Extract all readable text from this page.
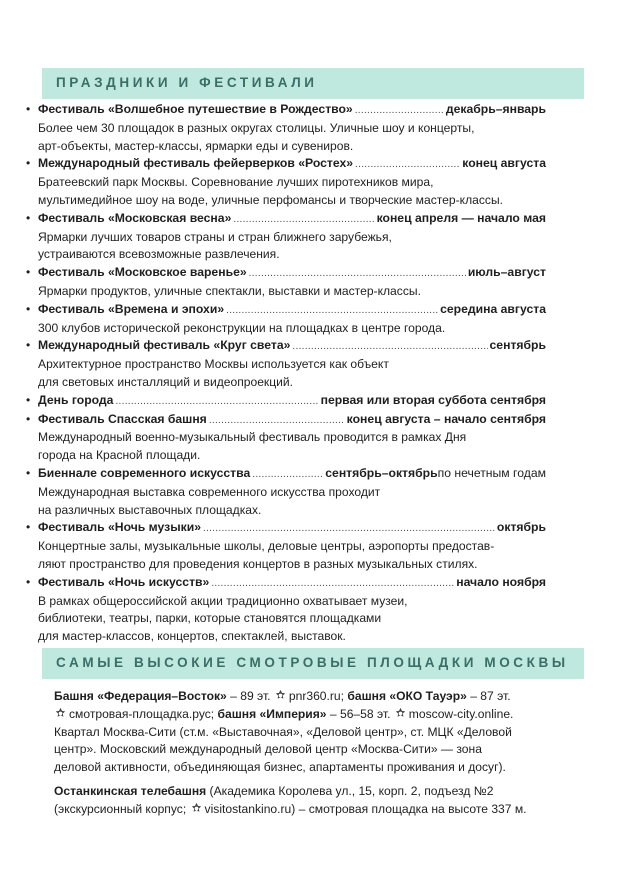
ПРАЗДНИКИ И ФЕСТИВАЛИ
• Фестиваль «Волшебное путешествие в Рождество» .....	декабрь–январь
Более чем 30 площадок в разных округах столицы. Уличные шоу и концерты,
арт-объекты, мастер-классы, ярмарки еды и сувениров.
• Международный фестиваль фейерверков «Ростех» .....	конец августа
Братеевский парк Москвы. Соревнование лучших пиротехников мира,
мультимедийное шоу на воде, уличные перфомансы и творческие мастер-классы.
• Фестиваль «Московская весна» .....	конец апреля — начало мая
Ярмарки лучших товаров страны и стран ближнего зарубежья,
устраиваются всевозможные развлечения.
• Фестиваль «Московское варенье» .....	июль–август
Ярмарки продуктов, уличные спектакли, выставки и мастер-классы.
• Фестиваль «Времена и эпохи» .....	середина августа
300 клубов исторической реконструкции на площадках в центре города.
• Международный фестиваль «Круг света» .....	сентябрь
Архитектурное пространство Москвы используется как объект
для световых инсталляций и видеопроекций.
• День города .....	первая или вторая суббота сентября
• Фестиваль Спасская башня .....	конец августа – начало сентября
Международный военно-музыкальный фестиваль проводится в рамках Дня
города на Красной площади.
• Биеннале современного искусства .....	сентябрь–октябрь по нечетным годам
Международная выставка современного искусства проходит
на различных выставочных площадках.
• Фестиваль «Ночь музыки» .....	октябрь
Концертные залы, музыкальные школы, деловые центры, аэропорты предостав-
ляют пространство для проведения концертов в разных музыкальных стилях.
• Фестиваль «Ночь искусств» .....	начало ноября
В рамках общероссийской акции традиционно охватывает музеи,
библиотеки, театры, парки, которые становятся площадками
для мастер-классов, концертов, спектаклей, выставок.
САМЫЕ ВЫСОКИЕ СМОТРОВЫЕ ПЛОЩАДКИ МОСКВЫ

Башня «Федерация–Восток» – 89 эт. pnr360.ru; башня «ОКО Тауэр» – 87 эт.

смотровая-площадка.рус; башня «Империя» – 56–58 эт. moscow-city.online.

Квартал Москва-Сити (ст.м. «Выставочная», «Деловой центр», ст. МЦК «Деловой

центр». Московский международный деловой центр «Москва-Сити» — зона

деловой активности, объединяющая бизнес, апартаменты проживания и досуг).

Останкинская телебашня (Академика Королева ул., 15, корп. 2, подъезд №2

(экскурсионный корпус; visitostankino.ru) – смотровая площадка на высоте 337 м.
